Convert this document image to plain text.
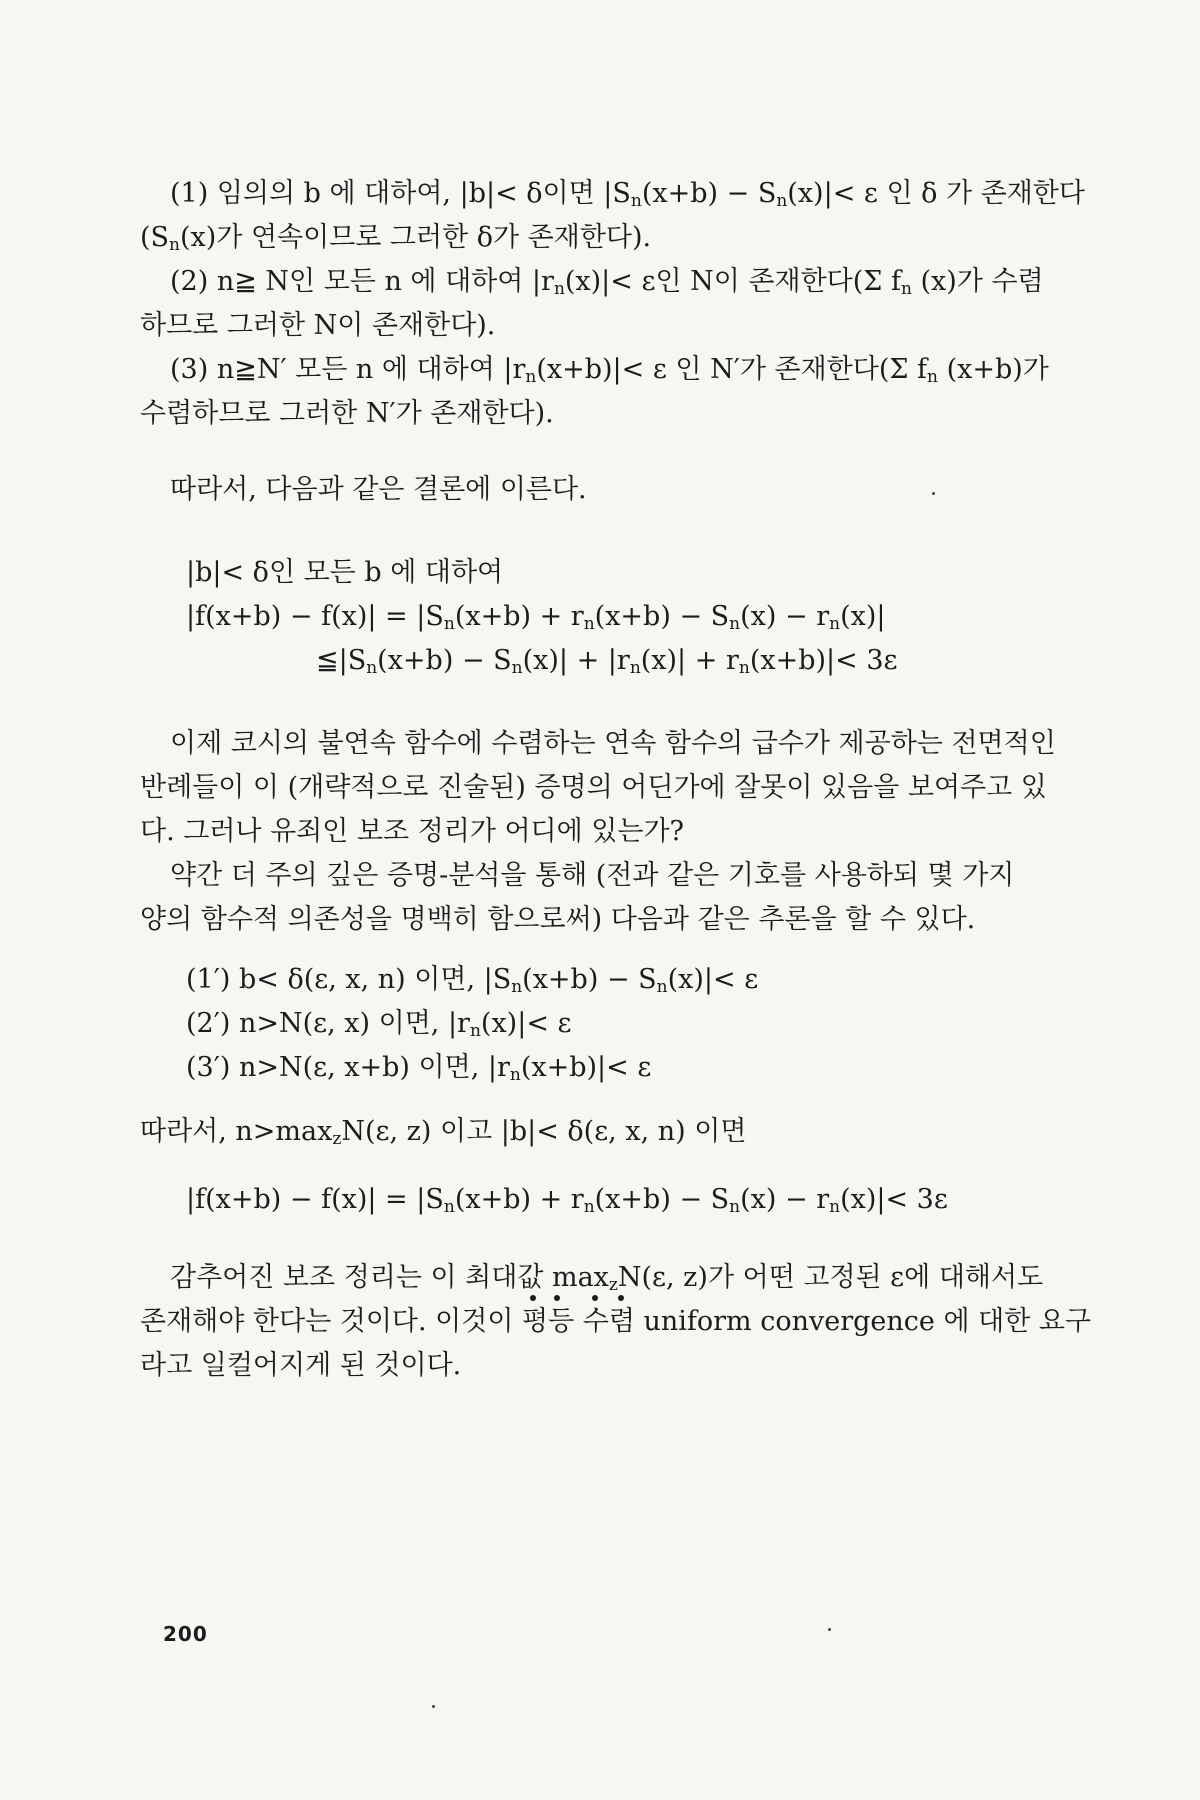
(1) 임의의 b 에 대하여, |b|< δ이면 $|S_n(x+b) - S_n(x)|< \varepsilon$ 인 δ 가 존재한다
($S_n(x)$가 연속이므로 그러한 δ가 존재한다).
(2) n≧ N인 모든 n 에 대하여 $|r_n(x)|< \varepsilon$인 N이 존재한다(Σ $f_n$ (x)가 수렴
하므로 그러한 N이 존재한다).
(3) n≧N′ 모든 n 에 대하여 $|r_n(x+b)|< \varepsilon$ 인 N′가 존재한다(Σ $f_n$ (x+b)가
수렴하므로 그러한 N′가 존재한다).
따라서, 다음과 같은 결론에 이른다.
|b|< δ인 모든 b 에 대하여
$|f(x+b) - f(x)| = |S_n(x+b) + r_n(x+b) - S_n(x) - r_n(x)|$
$≦|S_n(x+b) - S_n(x)| + |r_n(x)| + r_n(x+b)|< 3\varepsilon$
이제 코시의 불연속 함수에 수렴하는 연속 함수의 급수가 제공하는 전면적인
반례들이 이 (개략적으로 진술된) 증명의 어딘가에 잘못이 있음을 보여주고 있
다. 그러나 유죄인 보조 정리가 어디에 있는가?
약간 더 주의 깊은 증명-분석을 통해 (전과 같은 기호를 사용하되 몇 가지
양의 함수적 의존성을 명백히 함으로써) 다음과 같은 추론을 할 수 있다.
(1′) b< δ(ε, x, n) 이면, $|S_n(x+b) - S_n(x)|< \varepsilon$
(2′) n>N(ε, x) 이면, $|r_n(x)|< \varepsilon$
(3′) n>N(ε, x+b) 이면, $|r_n(x+b)|< \varepsilon$
따라서, $n>\max_zN(\varepsilon$, z) 이고 |b|< δ(ε, x, n) 이면
$|f(x+b) - f(x)| = |S_n(x+b) + r_n(x+b) - S_n(x) - r_n(x)|< 3\varepsilon$
감추어진 보조 정리는 이 최대값 $\max_zN(\varepsilon$, z)가 어떤 고정된 ε에 대해서도
존재해야 한다는 것이다. 이것이
평등 수렴 uniform convergence 에 대한 요구
라고 일컬어지게 된 것이다.
200
